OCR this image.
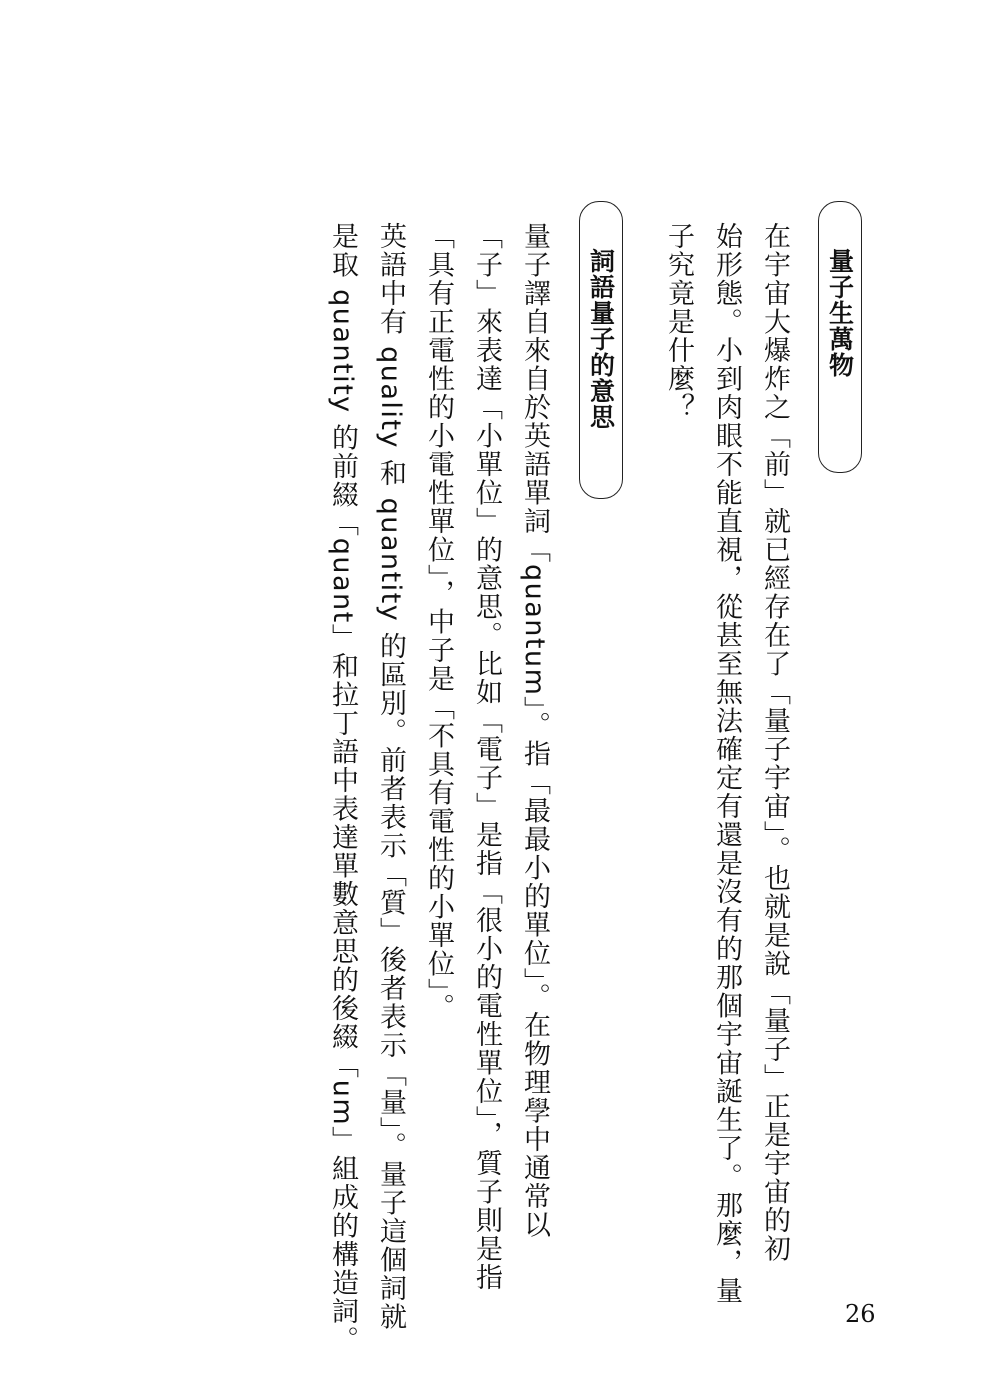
量子生萬物
在宇宙大爆炸之「前」就已經存在了「量子宇宙」。也就是說「量子」正是宇宙的初
始形態。小到肉眼不能直視，從甚至無法確定有還是沒有的那個宇宙誕生了。那麼，量
子究竟是什麼？
詞語量子的意思
量子譯自來自於英語單詞「quantum」。指「最最小的單位」。在物理學中通常以
「子」來表達「小單位」的意思。比如「電子」是指「很小的電性單位」，質子則是指
「具有正電性的小電性單位」，中子是「不具有電性的小單位」。
英語中有 quality 和 quantity 的區別。前者表示「質」後者表示「量」。量子這個詞就
是取 quantity 的前綴「quant」和拉丁語中表達單數意思的後綴「um」組成的構造詞。	26
